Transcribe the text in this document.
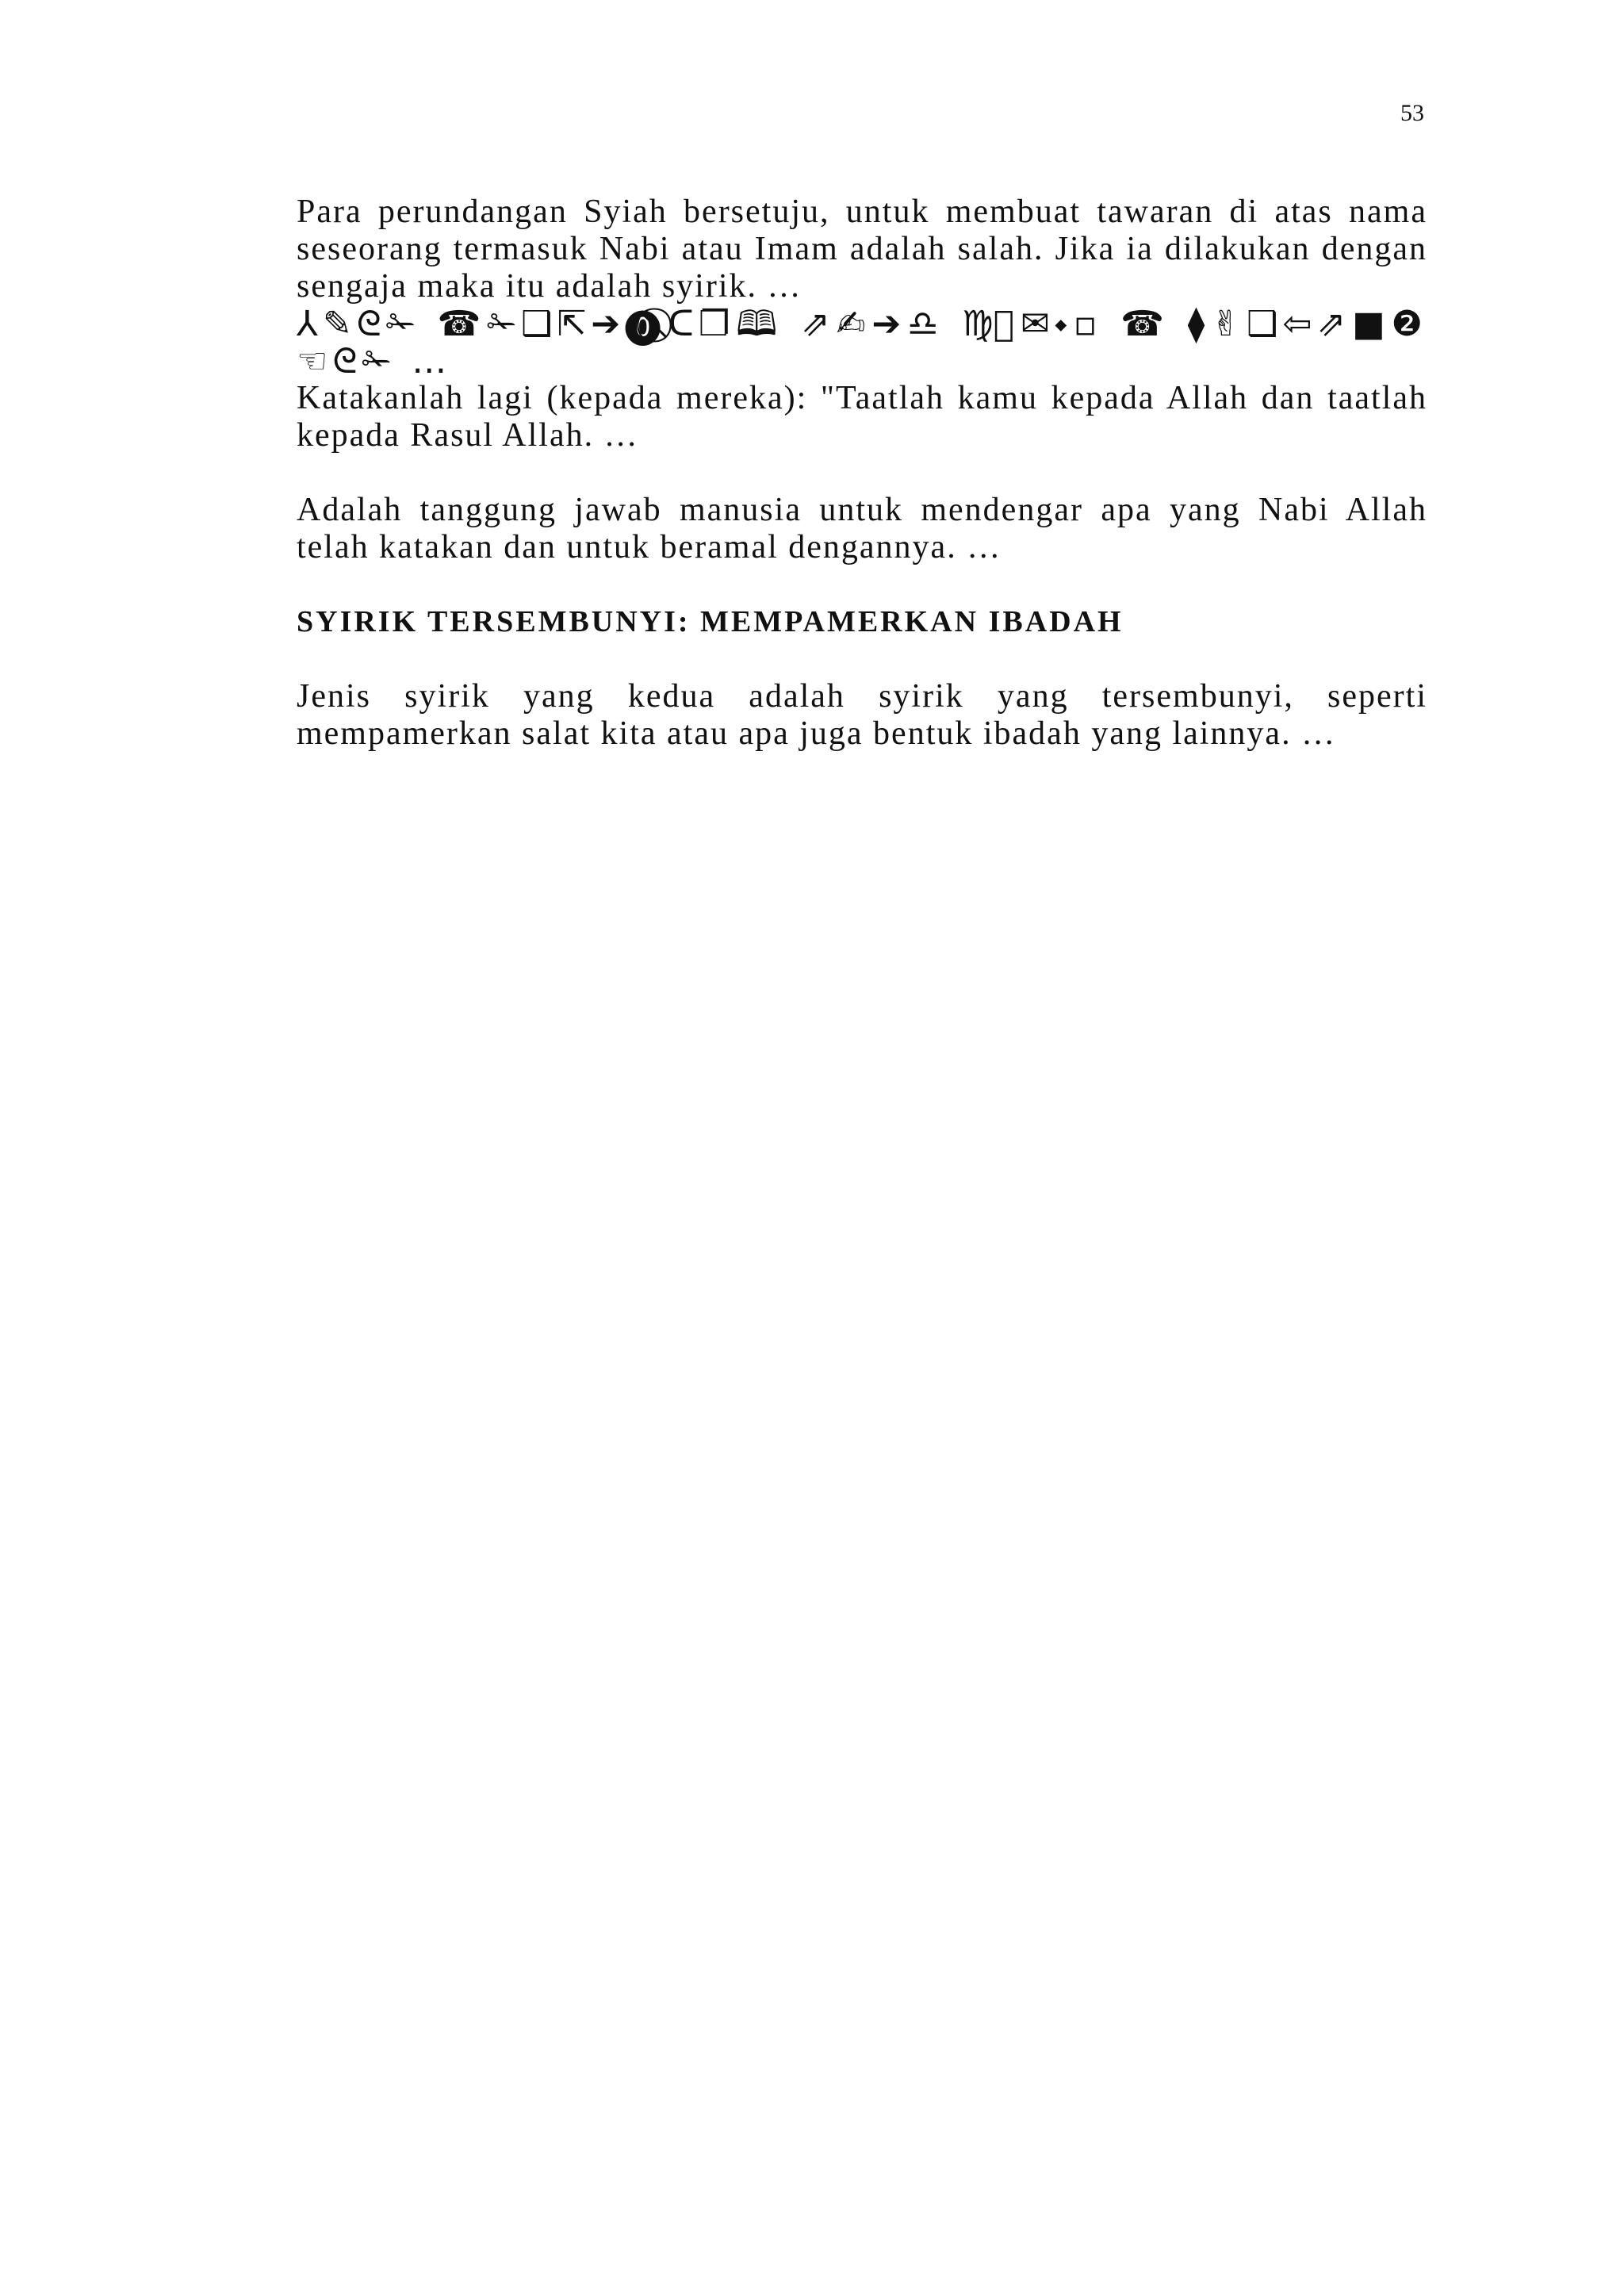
53

Para perundangan Syiah bersetuju, untuk membuat tawaran di atas nama seseorang termasuk Nabi atau Imam adalah salah. Jika ia dilakukan dengan sengaja maka itu adalah syirik. …

⅄✎ᘓ✁ ☎✁❑⇱➔⓿⃠ᑕ❐🕮 ⇗✍➔♎ ♍⃠✉⬩▫ ☎ ⧫✌❑⇦⇗■❷☜ᘓ✁ …

Katakanlah lagi (kepada mereka): "Taatlah kamu kepada Allah dan taatlah kepada Rasul Allah. …

Adalah tanggung jawab manusia untuk mendengar apa yang Nabi Allah telah katakan dan untuk beramal dengannya. …

SYIRIK TERSEMBUNYI: MEMPAMERKAN IBADAH

Jenis syirik yang kedua adalah syirik yang tersembunyi, seperti mempamerkan salat kita atau apa juga bentuk ibadah yang lainnya. …
